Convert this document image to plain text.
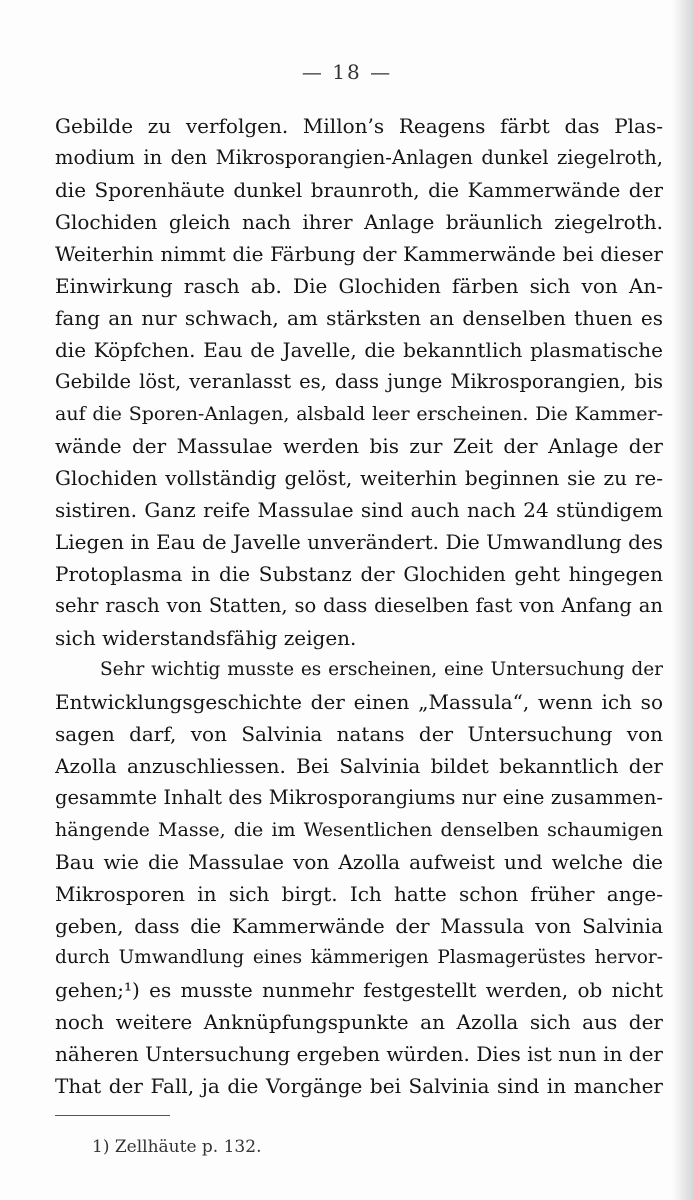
— 18 —
Gebilde zu verfolgen. Millon’s Reagens färbt das Plas-
modium in den Mikrosporangien-Anlagen dunkel ziegelroth,
die Sporenhäute dunkel braunroth, die Kammerwände der
Glochiden gleich nach ihrer Anlage bräunlich ziegelroth.
Weiterhin nimmt die Färbung der Kammerwände bei dieser
Einwirkung rasch ab. Die Glochiden färben sich von An-
fang an nur schwach, am stärksten an denselben thuen es
die Köpfchen. Eau de Javelle, die bekanntlich plasmatische
Gebilde löst, veranlasst es, dass junge Mikrosporangien, bis
auf die Sporen-Anlagen, alsbald leer erscheinen. Die Kammer-
wände der Massulae werden bis zur Zeit der Anlage der
Glochiden vollständig gelöst, weiterhin beginnen sie zu re-
sistiren. Ganz reife Massulae sind auch nach 24 stündigem
Liegen in Eau de Javelle unverändert. Die Umwandlung des
Protoplasma in die Substanz der Glochiden geht hingegen
sehr rasch von Statten, so dass dieselben fast von Anfang an
sich widerstandsfähig zeigen.
Sehr wichtig musste es erscheinen, eine Untersuchung der
Entwicklungsgeschichte der einen „Massula“, wenn ich so
sagen darf, von Salvinia natans der Untersuchung von
Azolla anzuschliessen. Bei Salvinia bildet bekanntlich der
gesammte Inhalt des Mikrosporangiums nur eine zusammen-
hängende Masse, die im Wesentlichen denselben schaumigen
Bau wie die Massulae von Azolla aufweist und welche die
Mikrosporen in sich birgt. Ich hatte schon früher ange-
geben, dass die Kammerwände der Massula von Salvinia
durch Umwandlung eines kämmerigen Plasmagerüstes hervor-
gehen;¹) es musste nunmehr festgestellt werden, ob nicht
noch weitere Anknüpfungspunkte an Azolla sich aus der
näheren Untersuchung ergeben würden. Dies ist nun in der
That der Fall, ja die Vorgänge bei Salvinia sind in mancher
1) Zellhäute p. 132.
